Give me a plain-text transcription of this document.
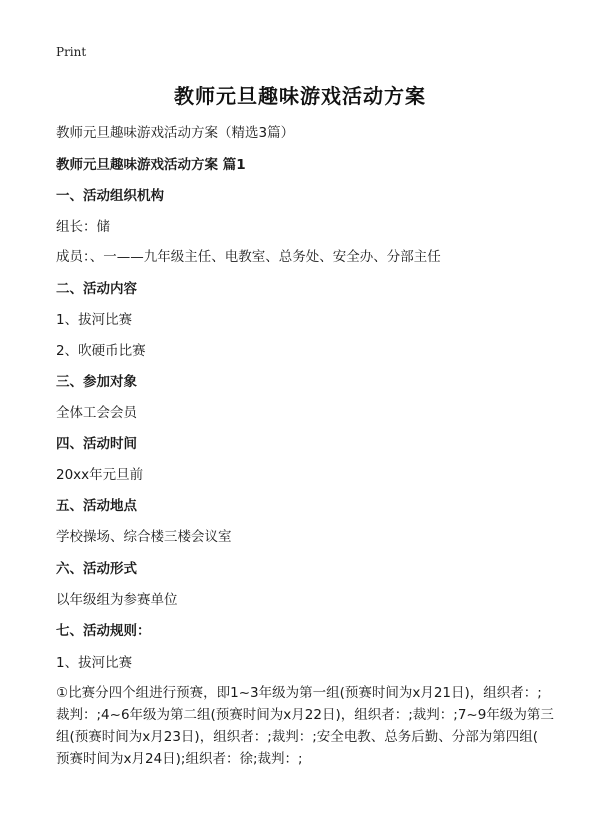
Print
教师元旦趣味游戏活动方案
教师元旦趣味游戏活动方案（精选3篇）
教师元旦趣味游戏活动方案 篇1
一、活动组织机构
组长：储
成员：、一——九年级主任、电教室、总务处、安全办、分部主任
二、活动内容
1、拔河比赛
2、吹硬币比赛
三、参加对象
全体工会会员
四、活动时间
20xx年元旦前
五、活动地点
学校操场、综合楼三楼会议室
六、活动形式
以年级组为参赛单位
七、活动规则：
1、拔河比赛
①比赛分四个组进行预赛，即1~3年级为第一组(预赛时间为x月21日)，组织者：;
裁判：;4~6年级为第二组(预赛时间为x月22日)，组织者：;裁判：;7~9年级为第三
组(预赛时间为x月23日)，组织者：;裁判：;安全电教、总务后勤、分部为第四组(
预赛时间为x月24日);组织者：徐;裁判：;
